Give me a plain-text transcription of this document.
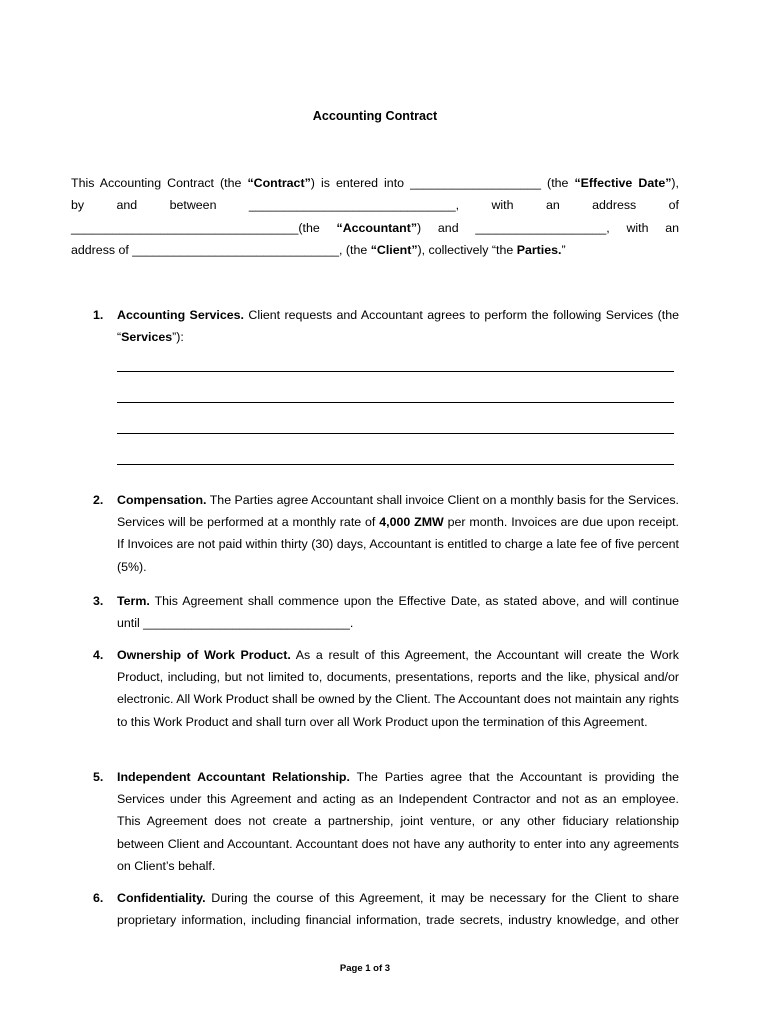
Accounting Contract

This Accounting Contract (the “Contract”) is entered into ___________________ (the “Effective Date”),

by and between ______________________________, with an address of

_________________________________(the “Accountant”) and ___________________, with an

address of ______________________________, (the “Client”), collectively “the Parties.”

1. Accounting Services. Client requests and Accountant agrees to perform the following Services (the “Services”):
2. Compensation. The Parties agree Accountant shall invoice Client on a monthly basis for the Services. Services will be performed at a monthly rate of 4,000 ZMW per month. Invoices are due upon receipt. If Invoices are not paid within thirty (30) days, Accountant is entitled to charge a late fee of five percent (5%).
3. Term. This Agreement shall commence upon the Effective Date, as stated above, and will continue until ______________________________.
4. Ownership of Work Product. As a result of this Agreement, the Accountant will create the Work Product, including, but not limited to, documents, presentations, reports and the like, physical and/or electronic. All Work Product shall be owned by the Client. The Accountant does not maintain any rights to this Work Product and shall turn over all Work Product upon the termination of this Agreement.
5. Independent Accountant Relationship. The Parties agree that the Accountant is providing the Services under this Agreement and acting as an Independent Contractor and not as an employee. This Agreement does not create a partnership, joint venture, or any other fiduciary relationship between Client and Accountant. Accountant does not have any authority to enter into any agreements on Client’s behalf.
6. Confidentiality. During the course of this Agreement, it may be necessary for the Client to share proprietary information, including financial information, trade secrets, industry knowledge, and other
Page 1 of 3
